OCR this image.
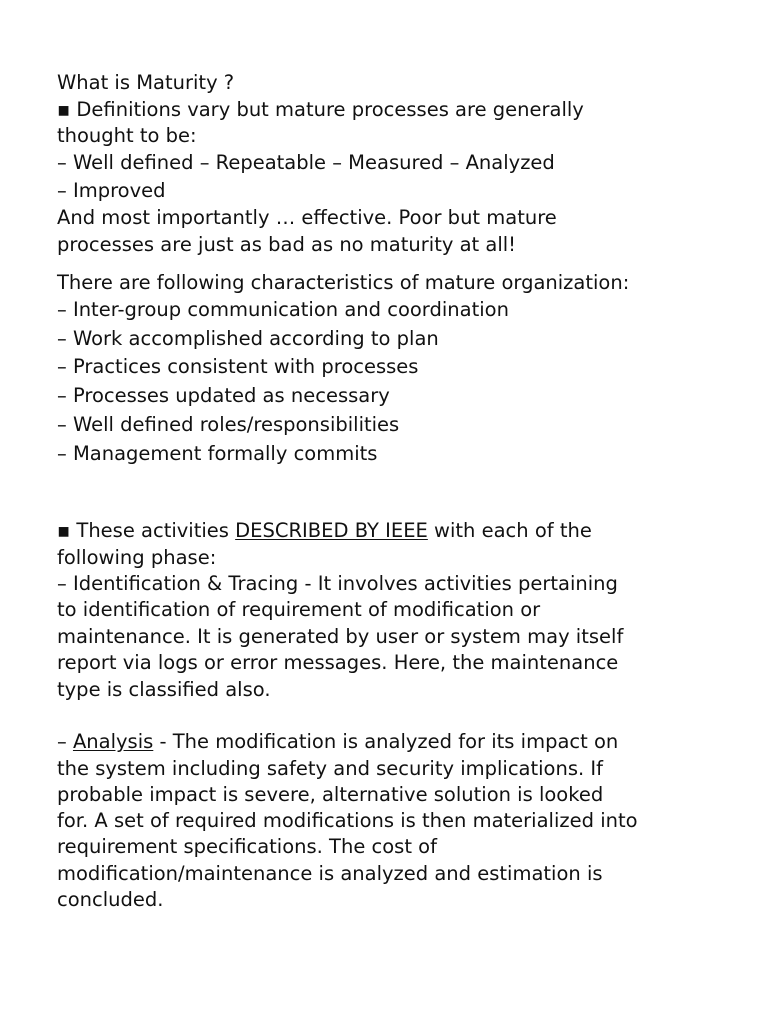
What is Maturity ?
▪ Definitions vary but mature processes are generally
thought to be:
– Well defined – Repeatable – Measured – Analyzed
– Improved
And most importantly … effective. Poor but mature
processes are just as bad as no maturity at all!
There are following characteristics of mature organization:
– Inter-group communication and coordination
– Work accomplished according to plan
– Practices consistent with processes
– Processes updated as necessary
– Well defined roles/responsibilities
– Management formally commits
▪ These activities DESCRIBED BY IEEE with each of the
following phase:
– Identification & Tracing - It involves activities pertaining
to identification of requirement of modification or
maintenance. It is generated by user or system may itself
report via logs or error messages. Here, the maintenance
type is classified also.
– Analysis - The modification is analyzed for its impact on
the system including safety and security implications. If
probable impact is severe, alternative solution is looked
for. A set of required modifications is then materialized into
requirement specifications. The cost of
modification/maintenance is analyzed and estimation is
concluded.
